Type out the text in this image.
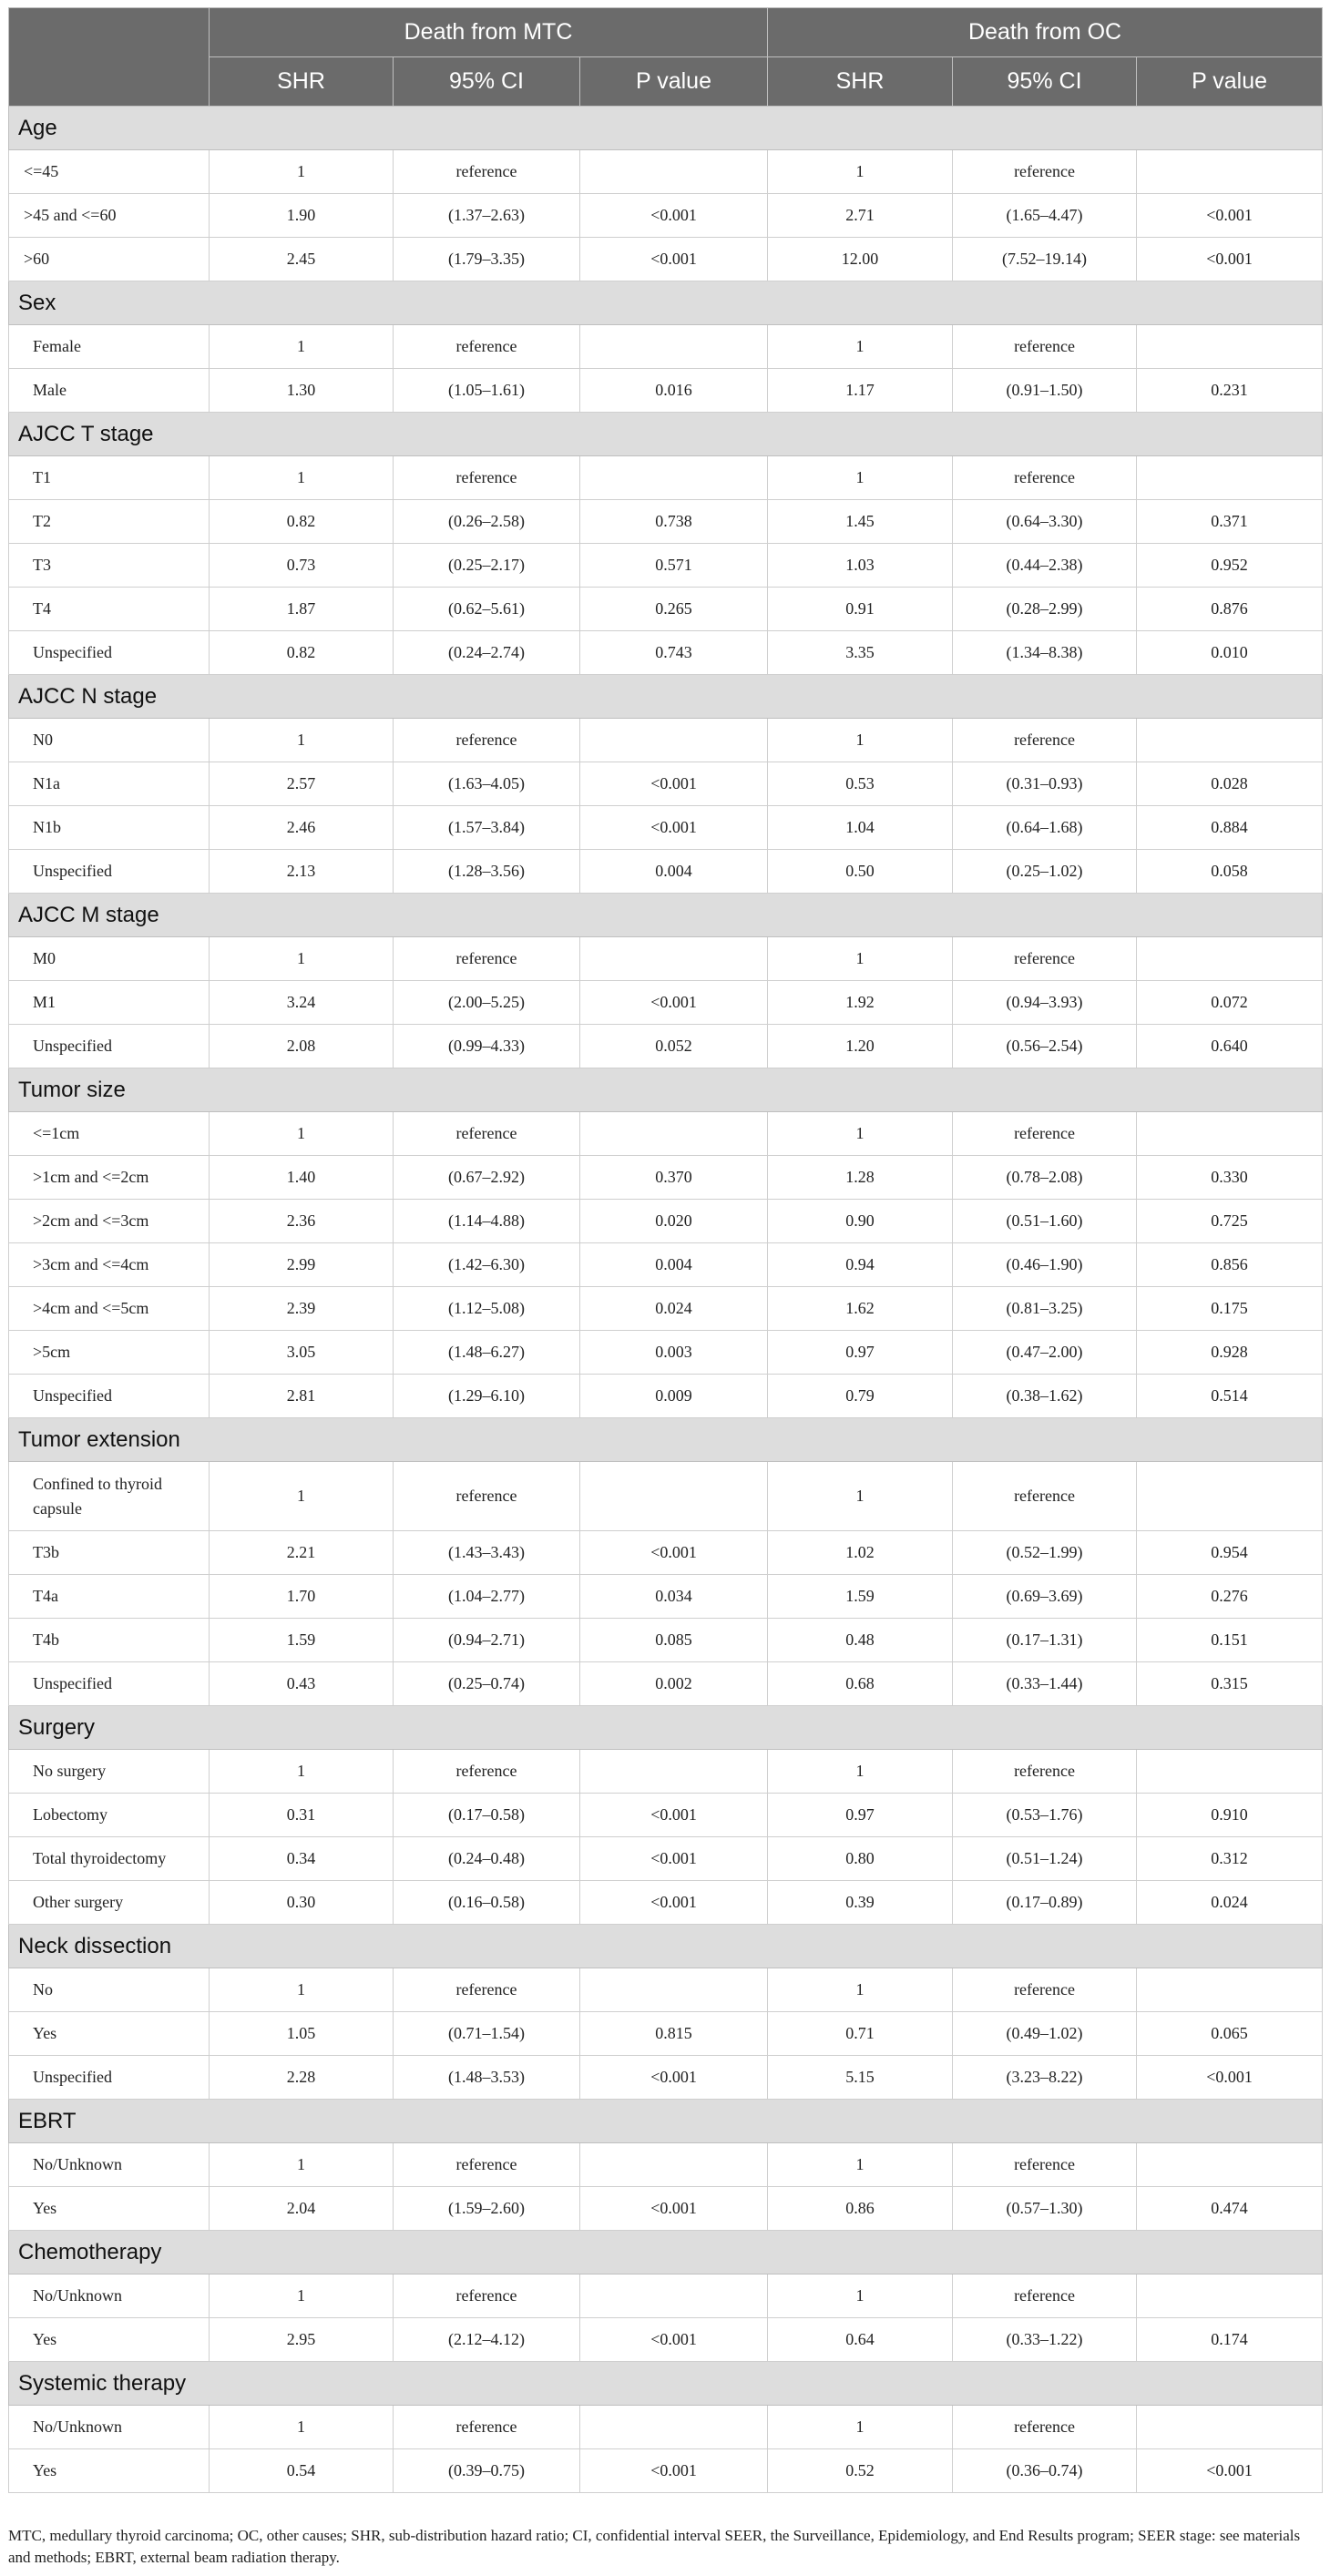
	Death from MTC			Death from OC		
	SHR	95% CI	P value	SHR	95% CI	P value
Age						
<=45	1	reference		1	reference	
>45 and <=60	1.90	(1.37–2.63)	<0.001	2.71	(1.65–4.47)	<0.001
>60	2.45	(1.79–3.35)	<0.001	12.00	(7.52–19.14)	<0.001
Sex						
Female	1	reference		1	reference	
Male	1.30	(1.05–1.61)	0.016	1.17	(0.91–1.50)	0.231
AJCC T stage						
T1	1	reference		1	reference	
T2	0.82	(0.26–2.58)	0.738	1.45	(0.64–3.30)	0.371
T3	0.73	(0.25–2.17)	0.571	1.03	(0.44–2.38)	0.952
T4	1.87	(0.62–5.61)	0.265	0.91	(0.28–2.99)	0.876
Unspecified	0.82	(0.24–2.74)	0.743	3.35	(1.34–8.38)	0.010
AJCC N stage						
N0	1	reference		1	reference	
N1a	2.57	(1.63–4.05)	<0.001	0.53	(0.31–0.93)	0.028
N1b	2.46	(1.57–3.84)	<0.001	1.04	(0.64–1.68)	0.884
Unspecified	2.13	(1.28–3.56)	0.004	0.50	(0.25–1.02)	0.058
AJCC M stage						
M0	1	reference		1	reference	
M1	3.24	(2.00–5.25)	<0.001	1.92	(0.94–3.93)	0.072
Unspecified	2.08	(0.99–4.33)	0.052	1.20	(0.56–2.54)	0.640
Tumor size						
<=1cm	1	reference		1	reference	
>1cm and <=2cm	1.40	(0.67–2.92)	0.370	1.28	(0.78–2.08)	0.330
>2cm and <=3cm	2.36	(1.14–4.88)	0.020	0.90	(0.51–1.60)	0.725
>3cm and <=4cm	2.99	(1.42–6.30)	0.004	0.94	(0.46–1.90)	0.856
>4cm and <=5cm	2.39	(1.12–5.08)	0.024	1.62	(0.81–3.25)	0.175
>5cm	3.05	(1.48–6.27)	0.003	0.97	(0.47–2.00)	0.928
Unspecified	2.81	(1.29–6.10)	0.009	0.79	(0.38–1.62)	0.514
Tumor extension						
Confined to thyroid capsule	1	reference		1	reference	
T3b	2.21	(1.43–3.43)	<0.001	1.02	(0.52–1.99)	0.954
T4a	1.70	(1.04–2.77)	0.034	1.59	(0.69–3.69)	0.276
T4b	1.59	(0.94–2.71)	0.085	0.48	(0.17–1.31)	0.151
Unspecified	0.43	(0.25–0.74)	0.002	0.68	(0.33–1.44)	0.315
Surgery						
No surgery	1	reference		1	reference	
Lobectomy	0.31	(0.17–0.58)	<0.001	0.97	(0.53–1.76)	0.910
Total thyroidectomy	0.34	(0.24–0.48)	<0.001	0.80	(0.51–1.24)	0.312
Other surgery	0.30	(0.16–0.58)	<0.001	0.39	(0.17–0.89)	0.024
Neck dissection						
No	1	reference		1	reference	
Yes	1.05	(0.71–1.54)	0.815	0.71	(0.49–1.02)	0.065
Unspecified	2.28	(1.48–3.53)	<0.001	5.15	(3.23–8.22)	<0.001
EBRT						
No/Unknown	1	reference		1	reference	
Yes	2.04	(1.59–2.60)	<0.001	0.86	(0.57–1.30)	0.474
Chemotherapy						
No/Unknown	1	reference		1	reference	
Yes	2.95	(2.12–4.12)	<0.001	0.64	(0.33–1.22)	0.174
Systemic therapy						
No/Unknown	1	reference		1	reference	
Yes	0.54	(0.39–0.75)	<0.001	0.52	(0.36–0.74)	<0.001
MTC, medullary thyroid carcinoma; OC, other causes; SHR, sub-distribution hazard ratio; CI, confidential interval SEER, the Surveillance, Epidemiology, and End Results program; SEER stage: see materials and methods; EBRT, external beam radiation therapy.
